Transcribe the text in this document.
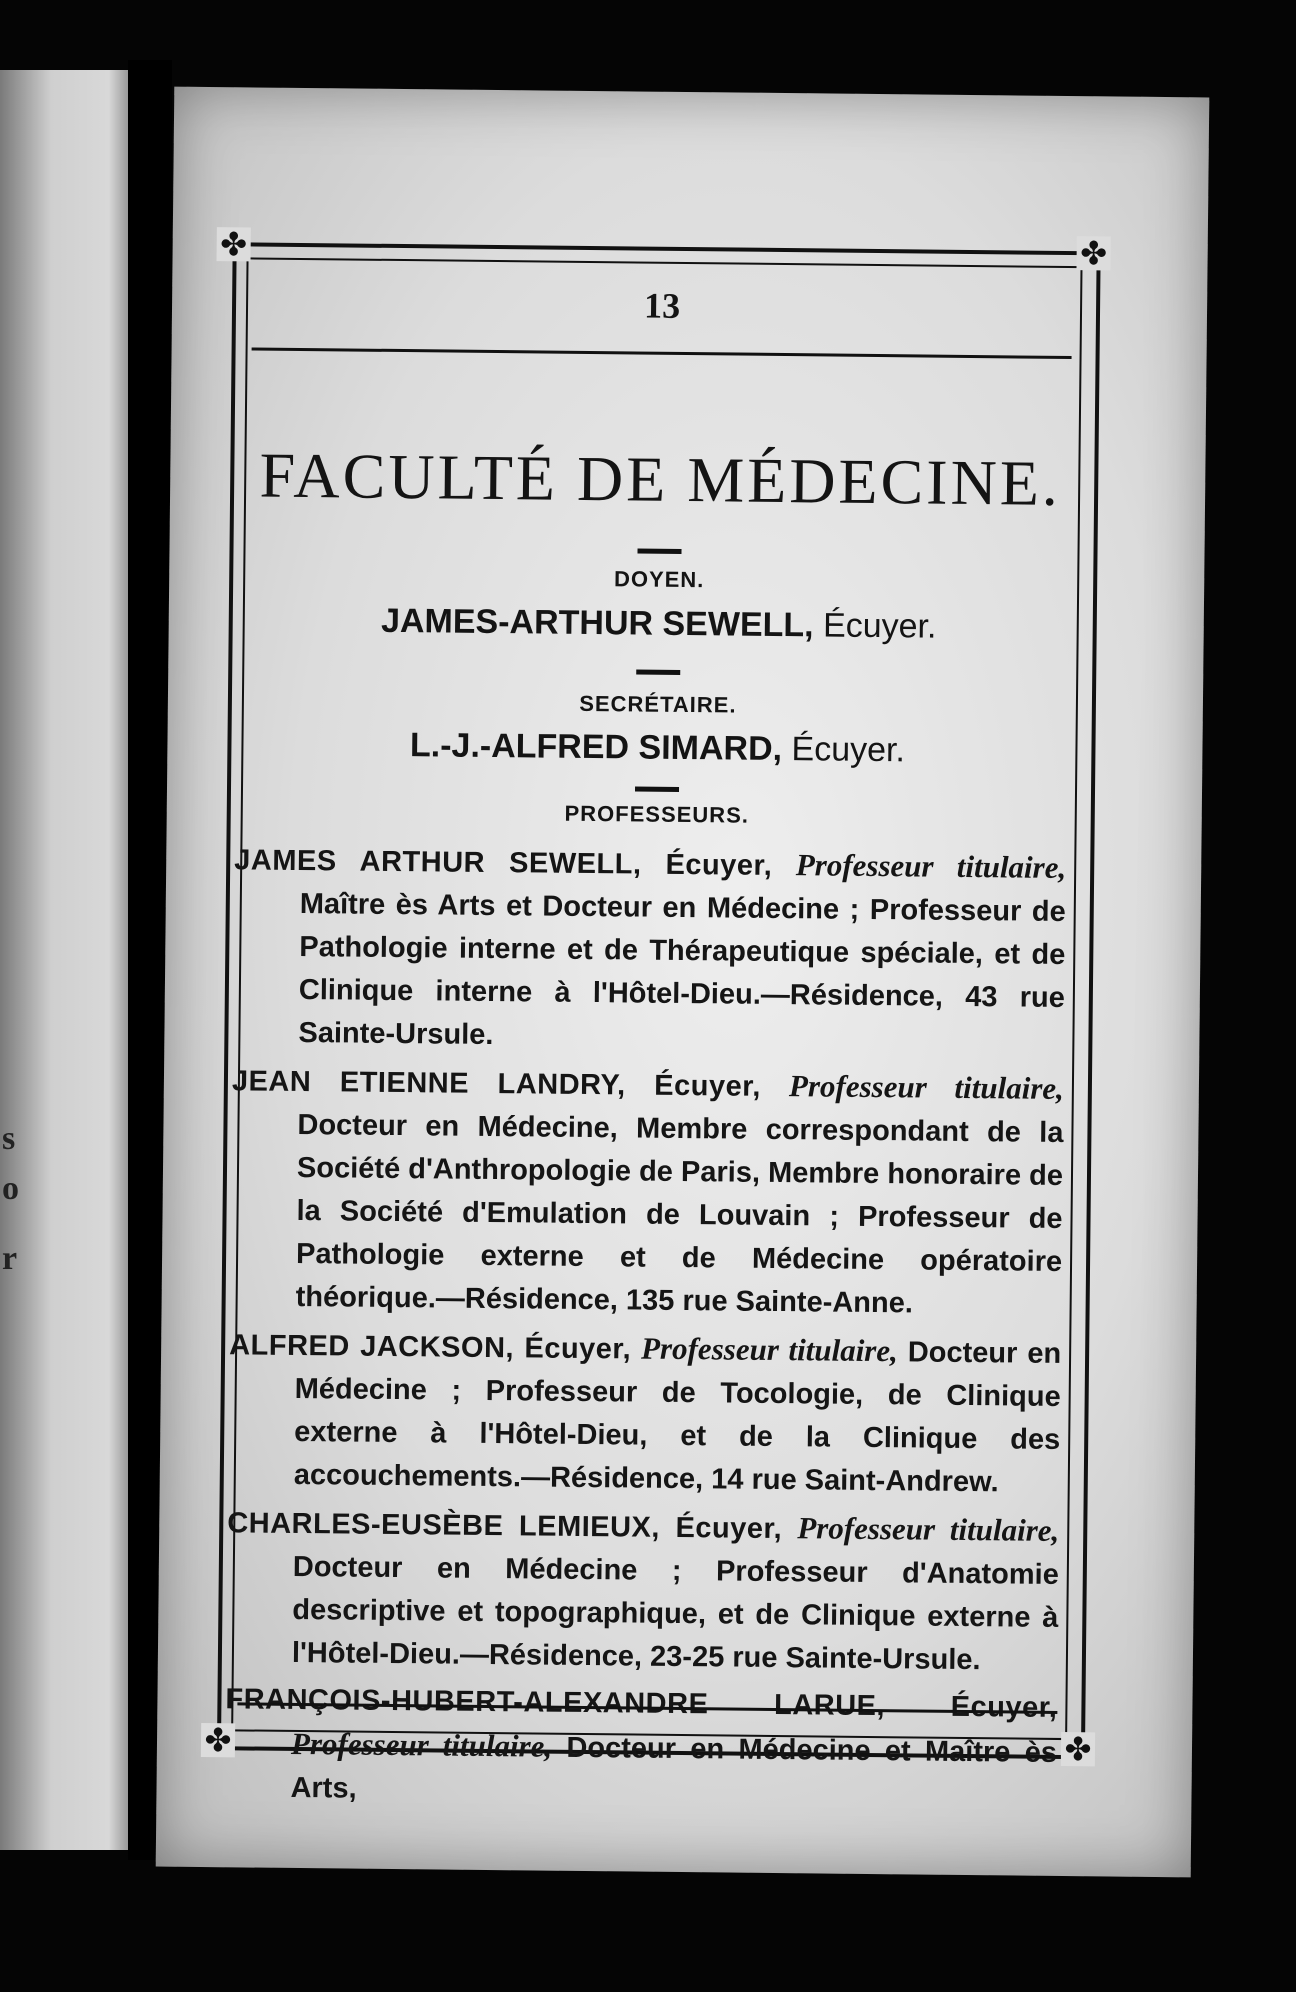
s
o
r
✤	✤
✤	✤
13
FACULTÉ DE MÉDECINE.
DOYEN.
JAMES-ARTHUR SEWELL, Écuyer.
SECRÉTAIRE.
L.-J.-ALFRED SIMARD, Écuyer.
PROFESSEURS.
JAMES ARTHUR SEWELL, Écuyer, Professeur titulaire, Maître ès Arts et Docteur en Médecine ; Professeur de Pathologie interne et de Thérapeutique spéciale, et de Clinique interne à l'Hôtel-Dieu.—Résidence, 43 rue Sainte-Ursule.
JEAN ETIENNE LANDRY, Écuyer, Professeur titulaire, Docteur en Médecine, Membre correspondant de la Société d'Anthropologie de Paris, Membre honoraire de la Société d'Emulation de Louvain ; Professeur de Pathologie externe et de Médecine opératoire théorique.—Résidence, 135 rue Sainte-Anne.
ALFRED JACKSON, Écuyer, Professeur titulaire, Docteur en Médecine ; Professeur de Tocologie, de Clinique externe à l'Hôtel-Dieu, et de la Clinique des accouchements.—Résidence, 14 rue Saint-Andrew.
CHARLES-EUSÈBE LEMIEUX, Écuyer, Professeur titulaire, Docteur en Médecine ; Professeur d'Anatomie descriptive et topographique, et de Clinique externe à l'Hôtel-Dieu.—Résidence, 23-25 rue Sainte-Ursule.
FRANÇOIS-HUBERT-ALEXANDRE LARUE, Écuyer, Professeur titulaire, Docteur en Médecine et Maître ès Arts,
